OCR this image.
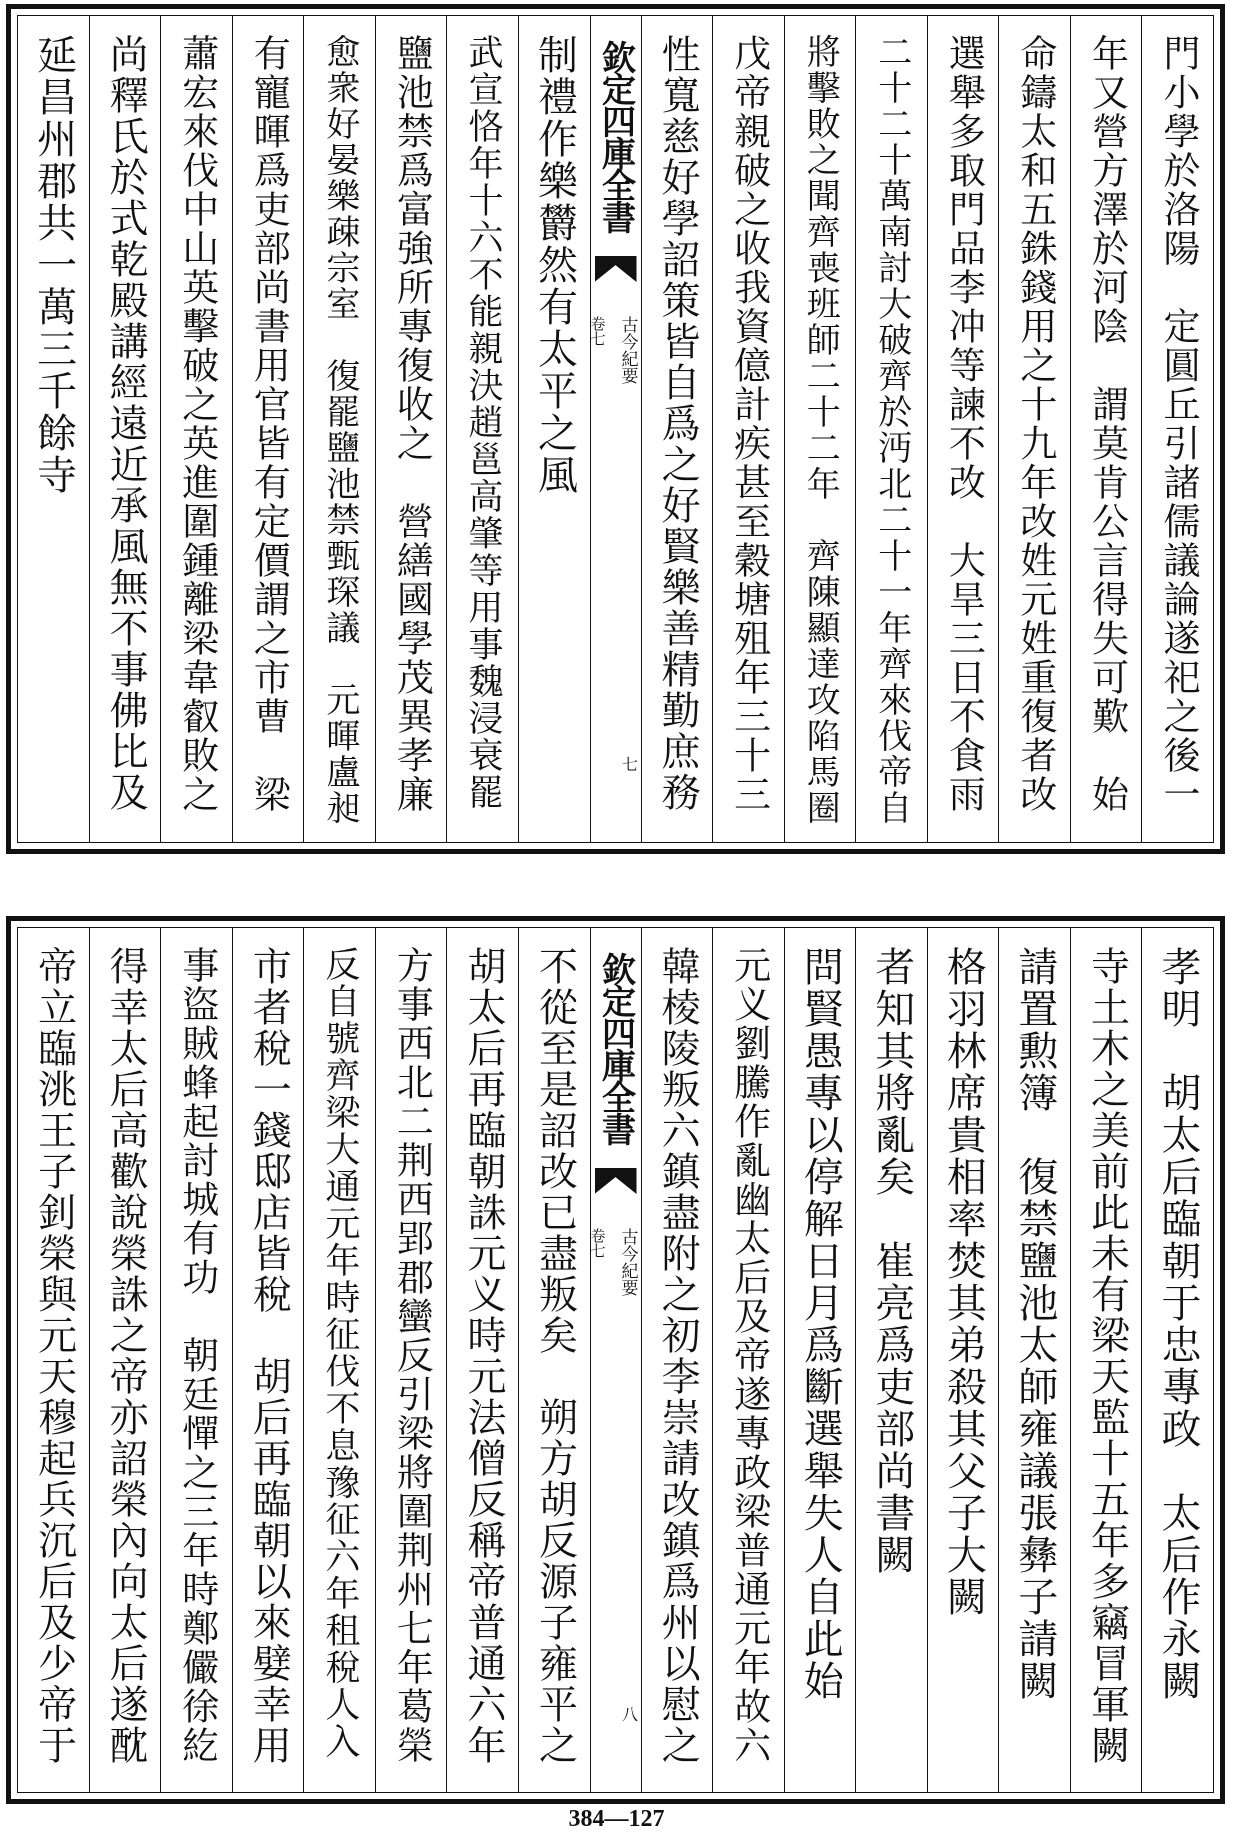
門小學於洛陽　定圓丘引諸儒議論遂祀之後一
年又營方澤於河陰　謂莫肯公言得失可歎　始
命鑄太和五銖錢用之十九年改姓元姓重復者改
選舉多取門品李冲等諫不改　大旱三日不食雨
二十二十萬南討大破齊於沔北二十一年齊來伐帝自
將擊敗之聞齊喪班師二十二年　齊陳顯達攻陷馬圈
戊帝親破之收我資億計疾甚至穀塘殂年三十三
性寬慈好學詔策皆自爲之好賢樂善精勤庶務
欽定四庫全書
古今紀要
卷七
七
制禮作樂欝然有太平之風
武宣恪年十六不能親決趙邕高肇等用事魏浸衰罷
鹽池禁爲富強所專復收之　營繕國學茂異孝廉
愈衆好晏樂疎宗室　復罷鹽池禁甄琛議　元暉盧昶
有寵暉爲吏部尚書用官皆有定價謂之市曹　梁
蕭宏來伐中山英擊破之英進圍鍾離梁韋叡敗之
尚釋氏於式乾殿講經遠近承風無不事佛比及
延昌州郡共一萬三千餘寺
孝明　胡太后臨朝于忠專政　太后作永闕
寺土木之美前此未有梁天監十五年多竊冒軍闕
請置勲簿　復禁鹽池太師雍議張彝子請闕
格羽林席貴相率焚其弟殺其父子大闕
者知其將亂矣　崔亮爲吏部尚書闕
問賢愚專以停解日月爲斷選舉失人自此始
元义劉騰作亂幽太后及帝遂專政梁普通元年故六
韓棱陵叛六鎮盡附之初李崇請改鎮爲州以慰之
欽定四庫全書
古今紀要
卷七
八
不從至是詔改已盡叛矣　朔方胡反源子雍平之
胡太后再臨朝誅元义時元法僧反稱帝普通六年
方事西北二荆西郢郡蠻反引梁將圍荆州七年葛榮
反自號齊梁大通元年時征伐不息豫征六年租稅人入
市者稅一錢邸店皆稅　胡后再臨朝以來嬖幸用
事盜賊蜂起討城有功　朝廷憚之三年時鄭儼徐紇
得幸太后高歡說榮誅之帝亦詔榮內向太后遂酖
帝立臨洮王子釗榮與元天穆起兵沉后及少帝于
384—127
